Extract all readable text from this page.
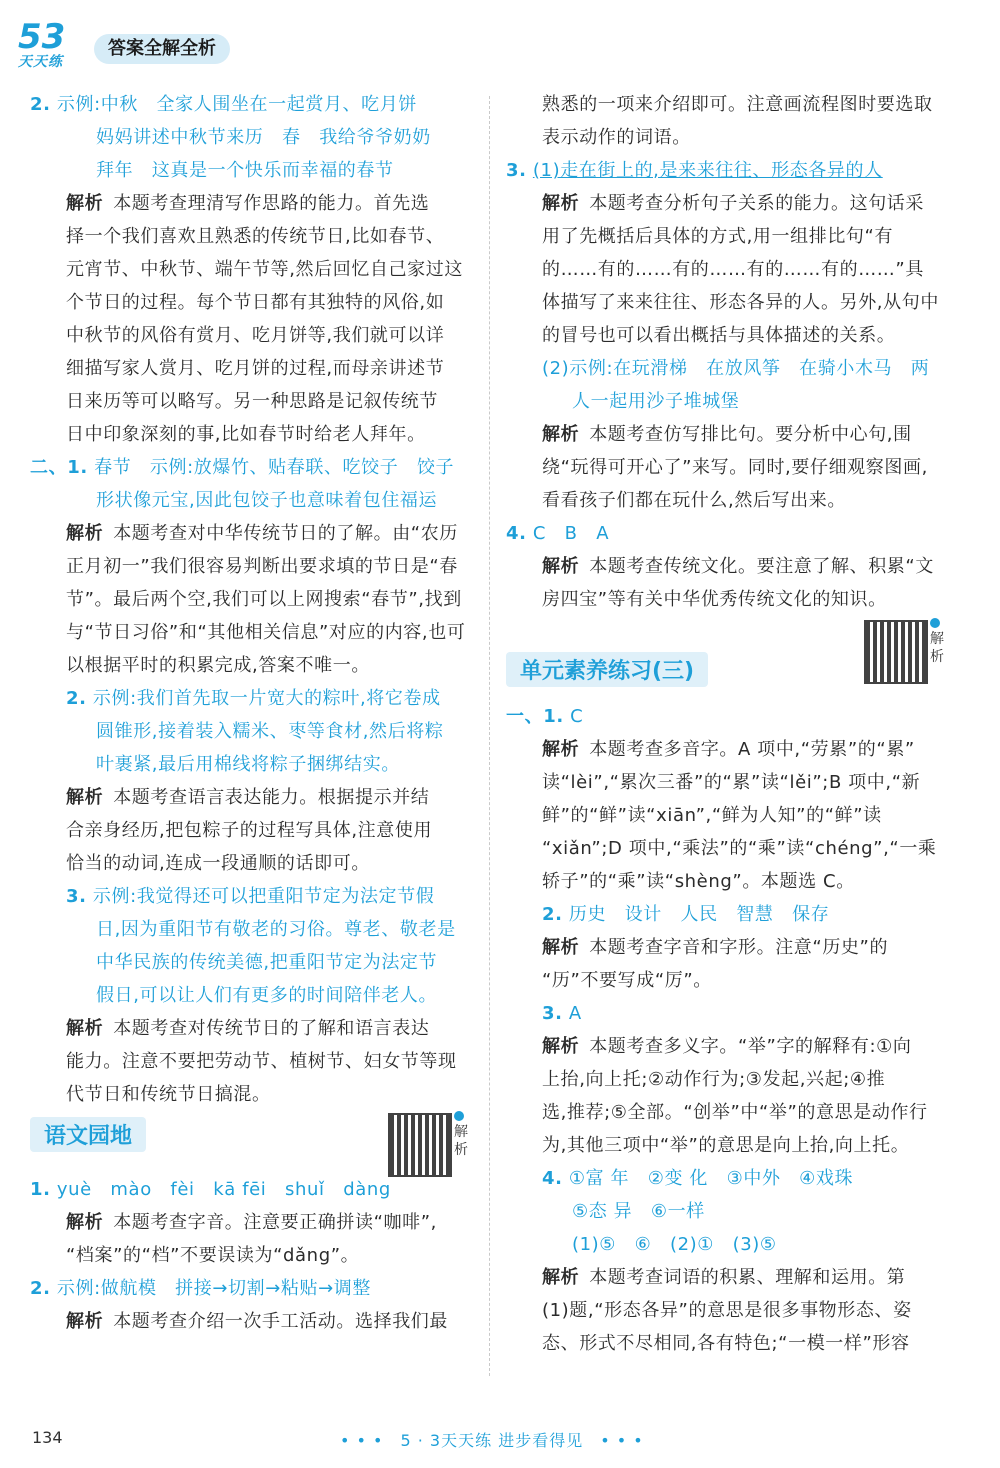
53
天天练
答案全解全析
2. 示例:中秋　全家人围坐在一起赏月、吃月饼
妈妈讲述中秋节来历　春　我给爷爷奶奶
拜年　这真是一个快乐而幸福的春节
解析 本题考查理清写作思路的能力。首先选
择一个我们喜欢且熟悉的传统节日,比如春节、
元宵节、中秋节、端午节等,然后回忆自己家过这
个节日的过程。每个节日都有其独特的风俗,如
中秋节的风俗有赏月、吃月饼等,我们就可以详
细描写家人赏月、吃月饼的过程,而母亲讲述节
日来历等可以略写。另一种思路是记叙传统节
日中印象深刻的事,比如春节时给老人拜年。
二、1. 春节　示例:放爆竹、贴春联、吃饺子　饺子
形状像元宝,因此包饺子也意味着包住福运
解析 本题考查对中华传统节日的了解。由“农历
正月初一”我们很容易判断出要求填的节日是“春
节”。最后两个空,我们可以上网搜索“春节”,找到
与“节日习俗”和“其他相关信息”对应的内容,也可
以根据平时的积累完成,答案不唯一。
2. 示例:我们首先取一片宽大的粽叶,将它卷成
圆锥形,接着装入糯米、枣等食材,然后将粽
叶裹紧,最后用棉线将粽子捆绑结实。
解析 本题考查语言表达能力。根据提示并结
合亲身经历,把包粽子的过程写具体,注意使用
恰当的动词,连成一段通顺的话即可。
3. 示例:我觉得还可以把重阳节定为法定节假
日,因为重阳节有敬老的习俗。尊老、敬老是
中华民族的传统美德,把重阳节定为法定节
假日,可以让人们有更多的时间陪伴老人。
解析 本题考查对传统节日的了解和语言表达
能力。注意不要把劳动节、植树节、妇女节等现
代节日和传统节日搞混。
语文园地	解析
1. yuè　mào　fèi　kā fēi　shuǐ　dàng
解析 本题考查字音。注意要正确拼读“咖啡”,
“档案”的“档”不要误读为“dǎng”。
2. 示例:做航模　拼接→切割→粘贴→调整
解析 本题考查介绍一次手工活动。选择我们最
熟悉的一项来介绍即可。注意画流程图时要选取
表示动作的词语。
3. (1)走在街上的,是来来往往、形态各异的人
解析 本题考查分析句子关系的能力。这句话采
用了先概括后具体的方式,用一组排比句“有
的……有的……有的……有的……有的……”具
体描写了来来往往、形态各异的人。另外,从句中
的冒号也可以看出概括与具体描述的关系。
(2)示例:在玩滑梯　在放风筝　在骑小木马　两
人一起用沙子堆城堡
解析 本题考查仿写排比句。要分析中心句,围
绕“玩得可开心了”来写。同时,要仔细观察图画,
看看孩子们都在玩什么,然后写出来。
4. C　B　A
解析 本题考查传统文化。要注意了解、积累“文
房四宝”等有关中华优秀传统文化的知识。
单元素养练习(三)
解析
一、1. C
解析 本题考查多音字。A 项中,“劳累”的“累”
读“lèi”,“累次三番”的“累”读“lěi”;B 项中,“新
鲜”的“鲜”读“xiān”,“鲜为人知”的“鲜”读
“xiǎn”;D 项中,“乘法”的“乘”读“chéng”,“一乘
轿子”的“乘”读“shèng”。本题选 C。
2. 历史　设计　人民　智慧　保存
解析 本题考查字音和字形。注意“历史”的
“历”不要写成“厉”。
3. A
解析 本题考查多义字。“举”字的解释有:①向
上抬,向上托;②动作行为;③发起,兴起;④推
选,推荐;⑤全部。“创举”中“举”的意思是动作行
为,其他三项中“举”的意思是向上抬,向上托。
4. ①富 年　②变 化　③中外　④戏珠
⑤态 异　⑥一样
(1)⑤　⑥　(2)①　(3)⑤
解析 本题考查词语的积累、理解和运用。第
(1)题,“形态各异”的意思是很多事物形态、姿
态、形式不尽相同,各有特色;“一模一样”形容
134	• • •　5 · 3天天练 进步看得见　• • •
